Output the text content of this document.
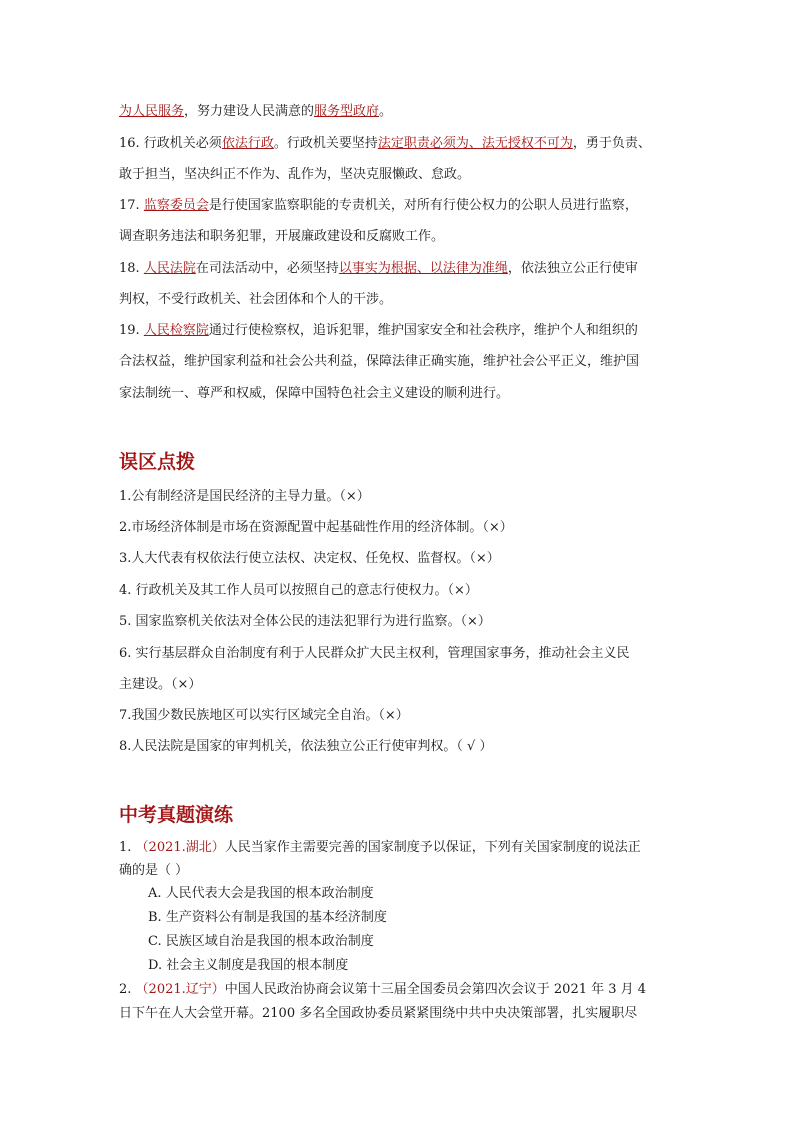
为人民服务，努力建设人民满意的服务型政府。
16. 行政机关必须依法行政。行政机关要坚持法定职责必须为、法无授权不可为，勇于负责、
敢于担当，坚决纠正不作为、乱作为，坚决克服懒政、怠政。
17. 监察委员会是行使国家监察职能的专责机关，对所有行使公权力的公职人员进行监察，
调查职务违法和职务犯罪，开展廉政建设和反腐败工作。
18. 人民法院在司法活动中，必须坚持以事实为根据、以法律为准绳，依法独立公正行使审
判权，不受行政机关、社会团体和个人的干涉。
19. 人民检察院通过行使检察权，追诉犯罪，维护国家安全和社会秩序，维护个人和组织的
合法权益，维护国家利益和社会公共利益，保障法律正确实施，维护社会公平正义，维护国
家法制统一、尊严和权威，保障中国特色社会主义建设的顺利进行。
误区点拨
1.公有制经济是国民经济的主导力量。（×）
2.市场经济体制是市场在资源配置中起基础性作用的经济体制。（×）
3.人大代表有权依法行使立法权、决定权、任免权、监督权。（×）
4. 行政机关及其工作人员可以按照自己的意志行使权力。（×）
5. 国家监察机关依法对全体公民的违法犯罪行为进行监察。（×）
6. 实行基层群众自治制度有利于人民群众扩大民主权利，管理国家事务，推动社会主义民
主建设。（×）
7.我国少数民族地区可以实行区域完全自治。（×）
8.人民法院是国家的审判机关，依法独立公正行使审判权。（ √ ）
中考真题演练
1. （2021.湖北）人民当家作主需要完善的国家制度予以保证，下列有关国家制度的说法正
确的是（ ）
A. 人民代表大会是我国的根本政治制度
B. 生产资料公有制是我国的基本经济制度
C. 民族区域自治是我国的根本政治制度
D. 社会主义制度是我国的根本制度
2. （2021.辽宁）中国人民政治协商会议第十三届全国委员会第四次会议于 2021 年 3 月 4
日下午在人大会堂开幕。2100 多名全国政协委员紧紧围绕中共中央决策部署，扎实履职尽
